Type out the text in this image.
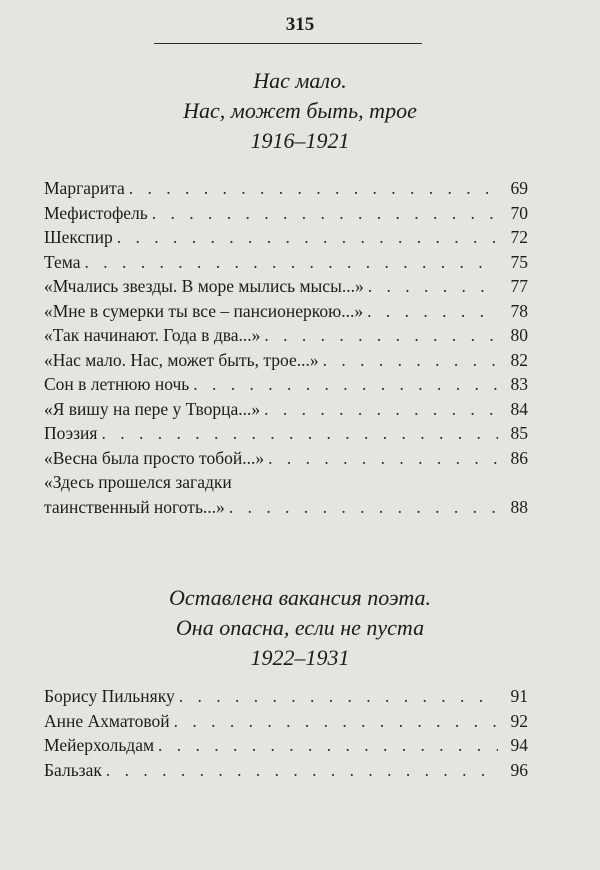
315
Нас мало.
Нас, может быть, трое
1916–1921
Маргарита . . .	69
Мефистофель . . .	70
Шекспир . . .	72
Тема . . .	75
«Мчались звезды. В море мылись мысы...» . . .	77
«Мне в сумерки ты все – пансионеркою...» . . .	78
«Так начинают. Года в два...» . . .	80
«Нас мало. Нас, может быть, трое...» . . .	82
Сон в летнюю ночь . . .	83
«Я вишу на пере у Творца...» . . .	84
Поэзия . . .	85
«Весна была просто тобой...» . . .	86
«Здесь прошелся загадки
таинственный ноготь...» . . .	88
Оставлена вакансия поэта.
Она опасна, если не пуста
1922–1931
Борису Пильняку . . .	91
Анне Ахматовой . . .	92
Мейерхольдам . . .	94
Бальзак . . .	96
